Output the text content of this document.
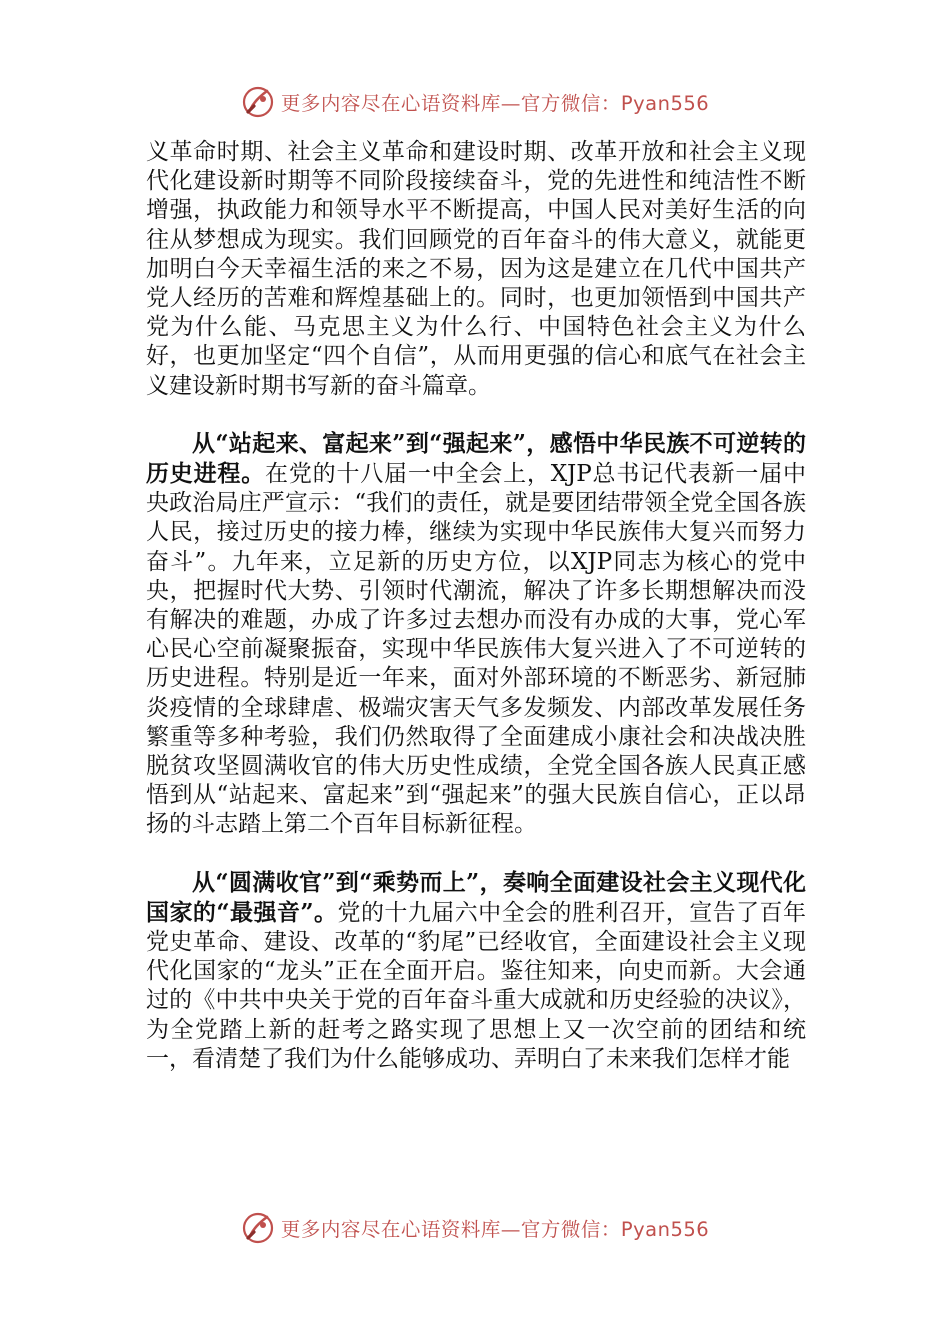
更多内容尽在心语资料库—官方微信：Pyan556

义革命时期、社会主义革命和建设时期、改革开放和社会主义现代化建设新时期等不同阶段接续奋斗，党的先进性和纯洁性不断增强，执政能力和领导水平不断提高，中国人民对美好生活的向往从梦想成为现实。我们回顾党的百年奋斗的伟大意义，就能更加明白今天幸福生活的来之不易，因为这是建立在几代中国共产党人经历的苦难和辉煌基础上的。同时，也更加领悟到中国共产党为什么能、马克思主义为什么行、中国特色社会主义为什么好，也更加坚定“四个自信”，从而用更强的信心和底气在社会主义建设新时期书写新的奋斗篇章。

从“站起来、富起来”到“强起来”，感悟中华民族不可逆转的历史进程。在党的十八届一中全会上，XJP总书记代表新一届中央政治局庄严宣示：“我们的责任，就是要团结带领全党全国各族人民，接过历史的接力棒，继续为实现中华民族伟大复兴而努力奋斗”。九年来，立足新的历史方位，以XJP同志为核心的党中央，把握时代大势、引领时代潮流，解决了许多长期想解决而没有解决的难题，办成了许多过去想办而没有办成的大事，党心军心民心空前凝聚振奋，实现中华民族伟大复兴进入了不可逆转的历史进程。特别是近一年来，面对外部环境的不断恶劣、新冠肺炎疫情的全球肆虐、极端灾害天气多发频发、内部改革发展任务繁重等多种考验，我们仍然取得了全面建成小康社会和决战决胜脱贫攻坚圆满收官的伟大历史性成绩，全党全国各族人民真正感悟到从“站起来、富起来”到“强起来”的强大民族自信心，正以昂扬的斗志踏上第二个百年目标新征程。

从“圆满收官”到“乘势而上”，奏响全面建设社会主义现代化国家的“最强音”。党的十九届六中全会的胜利召开，宣告了百年党史革命、建设、改革的“豹尾”已经收官，全面建设社会主义现代化国家的“龙头”正在全面开启。鉴往知来，向史而新。大会通过的《中共中央关于党的百年奋斗重大成就和历史经验的决议》，为全党踏上新的赶考之路实现了思想上又一次空前的团结和统一，看清楚了我们为什么能够成功、弄明白了未来我们怎样才能

更多内容尽在心语资料库—官方微信：Pyan556
